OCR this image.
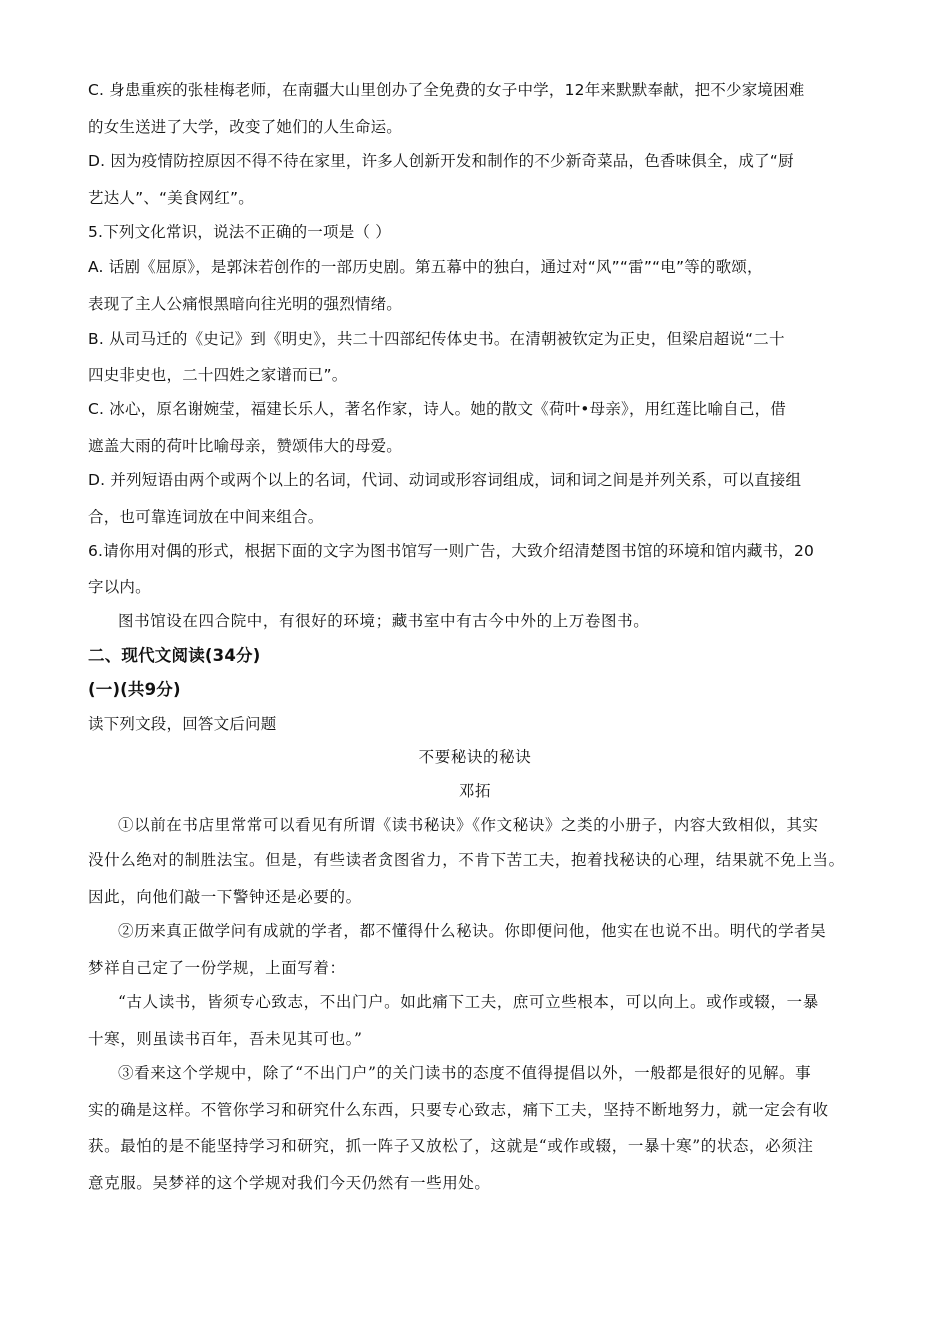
C. 身患重疾的张桂梅老师，在南疆大山里创办了全免费的女子中学，12年来默默奉献，把不少家境困难
的女生送进了大学，改变了她们的人生命运。
D. 因为疫情防控原因不得不待在家里，许多人创新开发和制作的不少新奇菜品，色香味俱全，成了“厨
艺达人”、“美食网红”。
5.下列文化常识，说法不正确的一项是（ ）
A. 话剧《屈原》，是郭沫若创作的一部历史剧。第五幕中的独白，通过对“风”“雷”“电”等的歌颂，
表现了主人公痛恨黑暗向往光明的强烈情绪。
B. 从司马迁的《史记》到《明史》，共二十四部纪传体史书。在清朝被钦定为正史，但梁启超说“二十
四史非史也，二十四姓之家谱而已”。
C. 冰心，原名谢婉莹，福建长乐人，著名作家，诗人。她的散文《荷叶•母亲》，用红莲比喻自己，借
遮盖大雨的荷叶比喻母亲，赞颂伟大的母爱。
D. 并列短语由两个或两个以上的名词，代词、动词或形容词组成，词和词之间是并列关系，可以直接组
合，也可靠连词放在中间来组合。
6.请你用对偶的形式，根据下面的文字为图书馆写一则广告，大致介绍清楚图书馆的环境和馆内藏书，20
字以内。
图书馆设在四合院中，有很好的环境；藏书室中有古今中外的上万卷图书。
二、现代文阅读(34分)
(一)(共9分)
读下列文段，回答文后问题
不要秘诀的秘诀
邓拓
①以前在书店里常常可以看见有所谓《读书秘诀》《作文秘诀》之类的小册子，内容大致相似，其实
没什么绝对的制胜法宝。但是，有些读者贪图省力，不肯下苦工夫，抱着找秘诀的心理，结果就不免上当。
因此，向他们敲一下警钟还是必要的。
②历来真正做学问有成就的学者，都不懂得什么秘诀。你即便问他，他实在也说不出。明代的学者吴
梦祥自己定了一份学规，上面写着：
“古人读书，皆须专心致志，不出门户。如此痛下工夫，庶可立些根本，可以向上。或作或辍，一暴
十寒，则虽读书百年，吾未见其可也。”
③看来这个学规中，除了“不出门户”的关门读书的态度不值得提倡以外，一般都是很好的见解。事
实的确是这样。不管你学习和研究什么东西，只要专心致志，痛下工夫，坚持不断地努力，就一定会有收
获。最怕的是不能坚持学习和研究，抓一阵子又放松了，这就是“或作或辍，一暴十寒”的状态，必须注
意克服。吴梦祥的这个学规对我们今天仍然有一些用处。
